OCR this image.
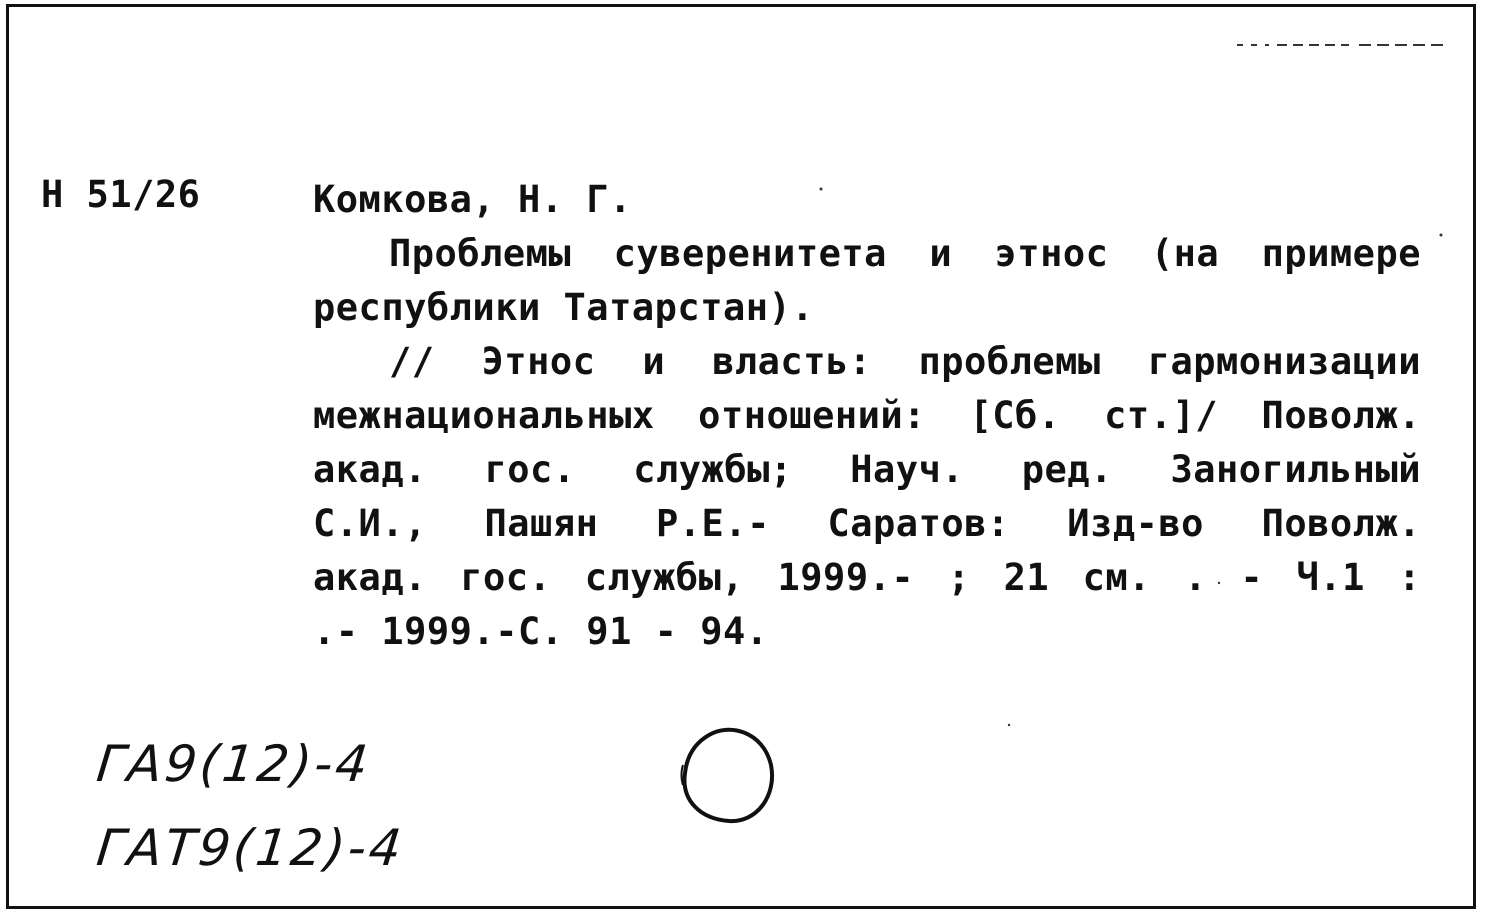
Н 51/26	Комкова, Н. Г.
Проблемы суверенитета и этнос (на примере
республики Татарстан).
// Этнос и власть: проблемы гармонизации
межнациональных отношений: [Сб. ст.]/ Поволж.
акад. гос. службы; Науч. ред. Заногильный
С.И., Пашян Р.Е.- Саратов: Изд-во Поволж.
акад. гос. службы, 1999.- ; 21 см. . - Ч.1 :
.- 1999.-С. 91 - 94.
ГА9(12)-4
ГАТ9(12)-4
